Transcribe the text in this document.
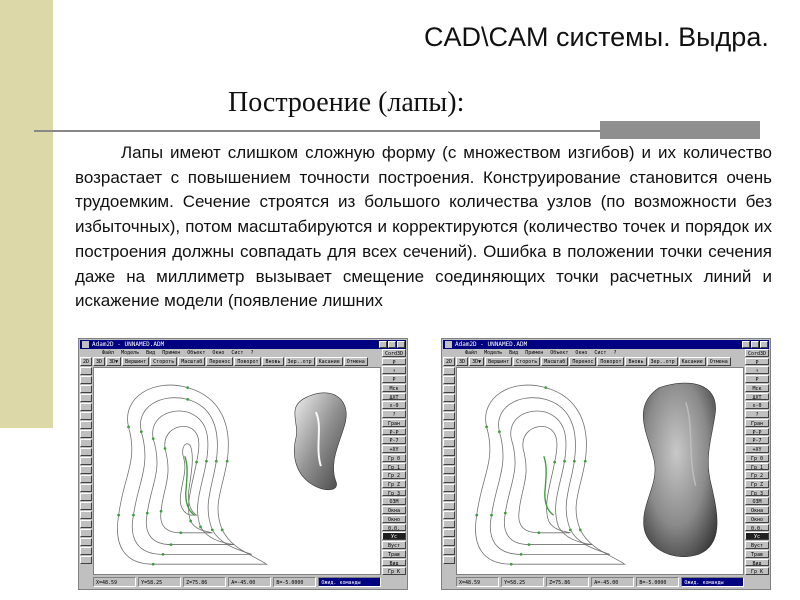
CAD\CAM системы. Выдра.
Построение (лапы):

Лапы имеют слишком сложную форму (с множеством изгибов) и их количество возрастает с повышением точности построения. Конструирование становится очень трудоемким. Сечение строятся из большого количества узлов (по возможности без избыточных), потом масштабируются и корректируются (количество точек и порядок их построения должны совпадать для всех сечений). Ошибка в положении точки сечения даже на миллиметр вызывает смещение соединяющих точки расчетных линий и искажение модели (появление лишних

Adam2D - UNNAMED.ADM
Файл Модель Вид Примен Объект Окно Сист ?
2D	3D	3D▼	Вершинт	Стороть	Масштаб	Перенос	Поворот	Вновь	Зер..отр	Касание	Отмена
Cord3D
P
↑
P
Мск
ΔXT
x-0
?
Гран
P-P
P-7
+XY
Гр 0
Гр 1
Гр 2
Гр Z
Гр 3
ОЗМ
Окна
Окно
0.0.
Ус
Вуст
Трав
Вид
Гр К
X=48.59	Y=58.25	Z=75.86	A=-45.00	B=-5.0000	Ожид. команды
Adam2D - UNNAMED.ADM
Файл Модель Вид Примен Объект Окно Сист ?
2D	3D	3D▼	Вершинт	Стороть	Масштаб	Перенос	Поворот	Вновь	Зер..отр	Касание	Отмена
Cord3D
P
↑
P
Мск
ΔXT
x-0
?
Гран
P-P
P-7
+XY
Гр 0
Гр 1
Гр 2
Гр Z
Гр 3
ОЗМ
Окна
Окно
0.0.
Ус
Вуст
Трав
Вид
Гр К
X=48.59	Y=58.25	Z=75.86	A=-45.00	B=-5.0000	Ожид. команды
